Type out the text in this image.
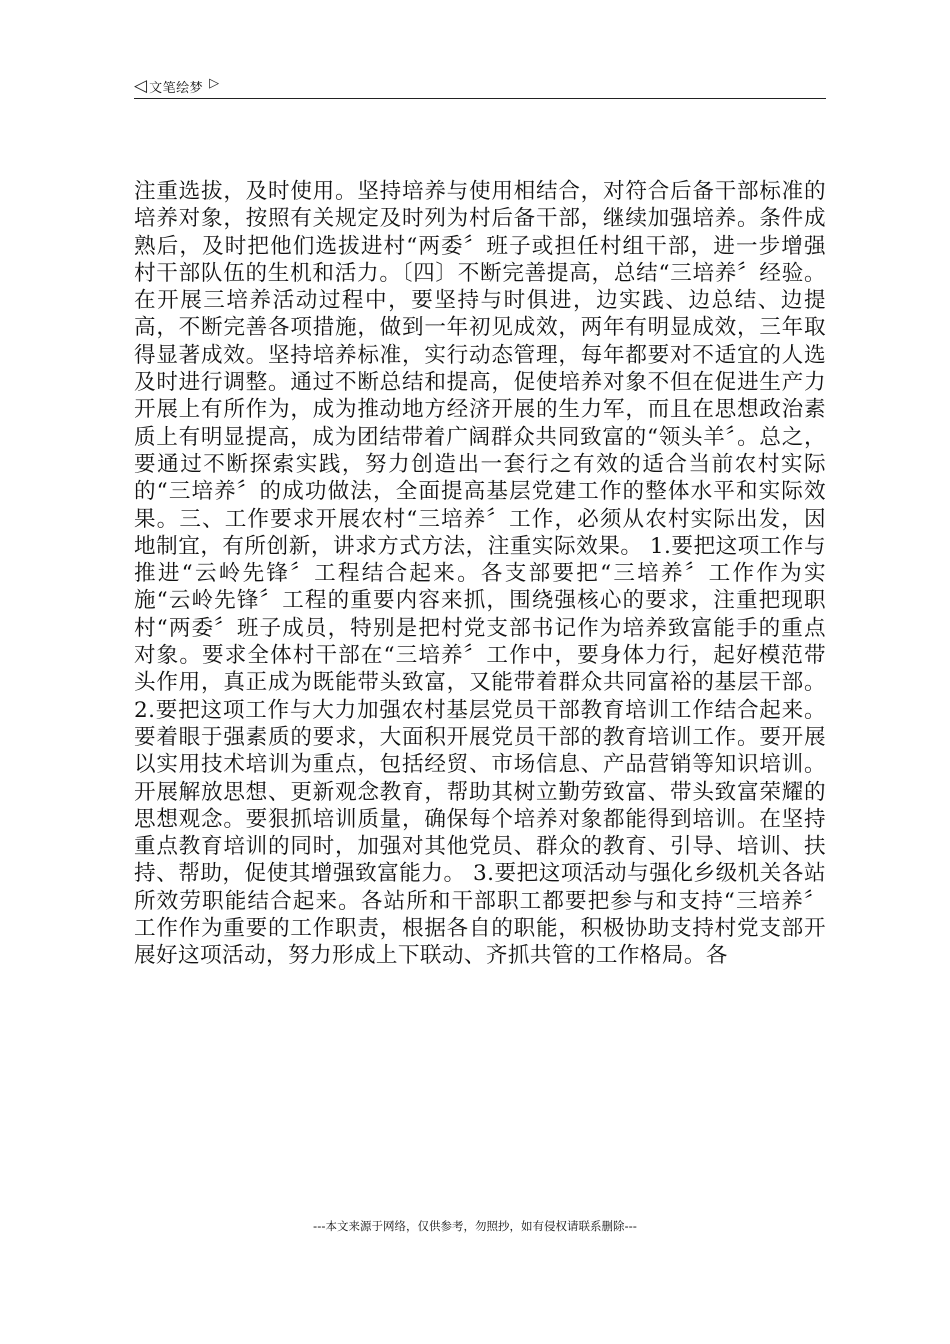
◁ 文笔绘梦 ▷

注重选拔，及时使用。坚持培养与使用相结合，对符合后备干部标准的培养对象，按照有关规定及时列为村后备干部，继续加强培养。条件成熟后，及时把他们选拔进村“两委〞班子或担任村组干部，进一步增强村干部队伍的生机和活力。〔四〕不断完善提高，总结“三培养〞经验。在开展三培养活动过程中，要坚持与时俱进，边实践、边总结、边提高，不断完善各项措施，做到一年初见成效，两年有明显成效，三年取得显著成效。坚持培养标准，实行动态管理，每年都要对不适宜的人选及时进行调整。通过不断总结和提高，促使培养对象不但在促进生产力开展上有所作为，成为推动地方经济开展的生力军，而且在思想政治素质上有明显提高，成为团结带着广阔群众共同致富的“领头羊〞。总之，要通过不断探索实践，努力创造出一套行之有效的适合当前农村实际的“三培养〞的成功做法，全面提高基层党建工作的整体水平和实际效果。三、工作要求开展农村“三培养〞工作，必须从农村实际出发，因地制宜，有所创新，讲求方式方法，注重实际效果。 1.要把这项工作与推进“云岭先锋〞工程结合起来。各支部要把“三培养〞工作作为实施“云岭先锋〞工程的重要内容来抓，围绕强核心的要求，注重把现职村“两委〞班子成员，特别是把村党支部书记作为培养致富能手的重点对象。要求全体村干部在“三培养〞工作中，要身体力行，起好模范带头作用，真正成为既能带头致富，又能带着群众共同富裕的基层干部。 2.要把这项工作与大力加强农村基层党员干部教育培训工作结合起来。要着眼于强素质的要求，大面积开展党员干部的教育培训工作。要开展以实用技术培训为重点，包括经贸、市场信息、产品营销等知识培训。开展解放思想、更新观念教育，帮助其树立勤劳致富、带头致富荣耀的思想观念。要狠抓培训质量，确保每个培养对象都能得到培训。在坚持重点教育培训的同时，加强对其他党员、群众的教育、引导、培训、扶持、帮助，促使其增强致富能力。 3.要把这项活动与强化乡级机关各站所效劳职能结合起来。各站所和干部职工都要把参与和支持“三培养〞工作作为重要的工作职责，根据各自的职能，积极协助支持村党支部开展好这项活动，努力形成上下联动、齐抓共管的工作格局。各

---本文来源于网络，仅供参考，勿照抄，如有侵权请联系删除---
